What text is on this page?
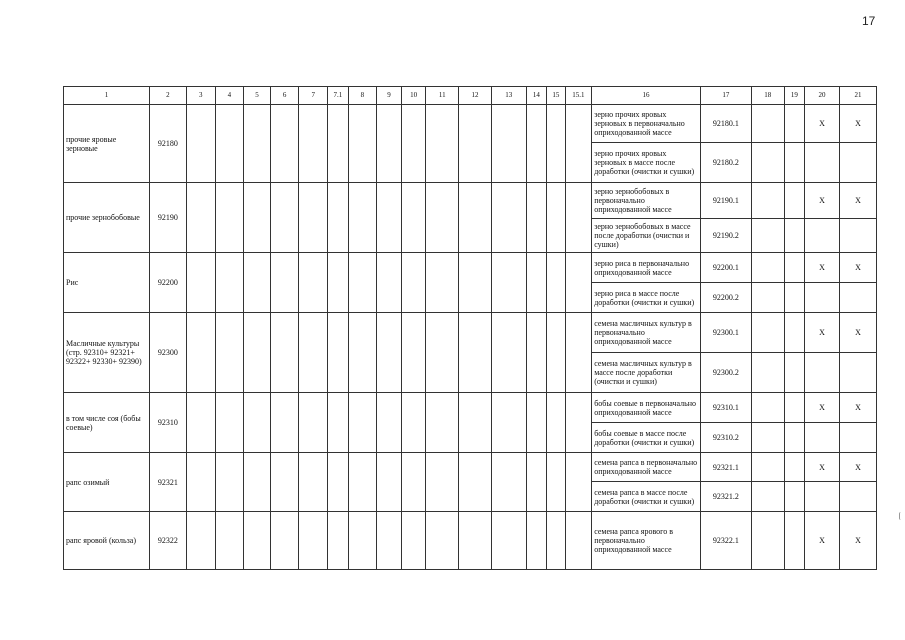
17
1	2	3	4	5	6	7	7.1	8	9	10	11	12	13	14	15	15.1	16	17	18	19	20	21
прочие яровые зерновые	92180																зерно прочих яровых зерновых в первоначально оприходованной массе	92180.1			X	X
																	зерно прочих яровых зерновых в массе после доработки (очистки и сушки)	92180.2				
прочие зернобобовые	92190																зерно зернобобовых в первоначально оприходованной массе	92190.1			X	X
																	зерно зернобобовых в массе после доработки (очистки и сушки)	92190.2				
Рис	92200																зерно риса в первоначально оприходованной массе	92200.1			X	X
																	зерно риса в массе после доработки (очистки и сушки)	92200.2				
Масличные культуры (стр. 92310+ 92321+ 92322+ 92330+ 92390)	92300																семена масличных культур в первоначально оприходованной массе	92300.1			X	X
																	семена масличных культур в массе после доработки (очистки и сушки)	92300.2				
в том числе соя (бобы соевые)	92310																бобы соевые в первоначально оприходованной массе	92310.1			X	X
																	бобы соевые в массе после доработки (очистки и сушки)	92310.2				
рапс озимый	92321																семена рапса в первоначально оприходованной массе	92321.1			X	X
																	семена рапса в массе после доработки (очистки и сушки)	92321.2				
рапс яровой (кольза)	92322																семена рапса ярового в первоначально оприходованной массе	92322.1			X	X
